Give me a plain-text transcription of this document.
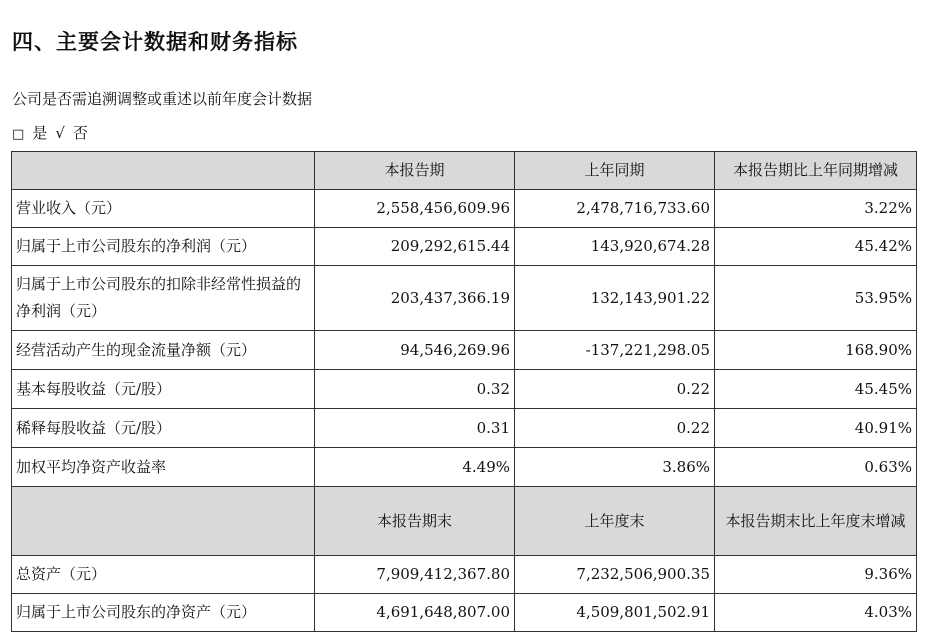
四、主要会计数据和财务指标
公司是否需追溯调整或重述以前年度会计数据
□ 是 √ 否
	本报告期	上年同期	本报告期比上年同期增减
营业收入（元）	2,558,456,609.96	2,478,716,733.60	3.22%
归属于上市公司股东的净利润（元）	209,292,615.44	143,920,674.28	45.42%
归属于上市公司股东的扣除非经常性损益的净利润（元）	203,437,366.19	132,143,901.22	53.95%
经营活动产生的现金流量净额（元）	94,546,269.96	-137,221,298.05	168.90%
基本每股收益（元/股）	0.32	0.22	45.45%
稀释每股收益（元/股）	0.31	0.22	40.91%
加权平均净资产收益率	4.49%	3.86%	0.63%
	本报告期末	上年度末	本报告期末比上年度末增减
总资产（元）	7,909,412,367.80	7,232,506,900.35	9.36%
归属于上市公司股东的净资产（元）	4,691,648,807.00	4,509,801,502.91	4.03%
